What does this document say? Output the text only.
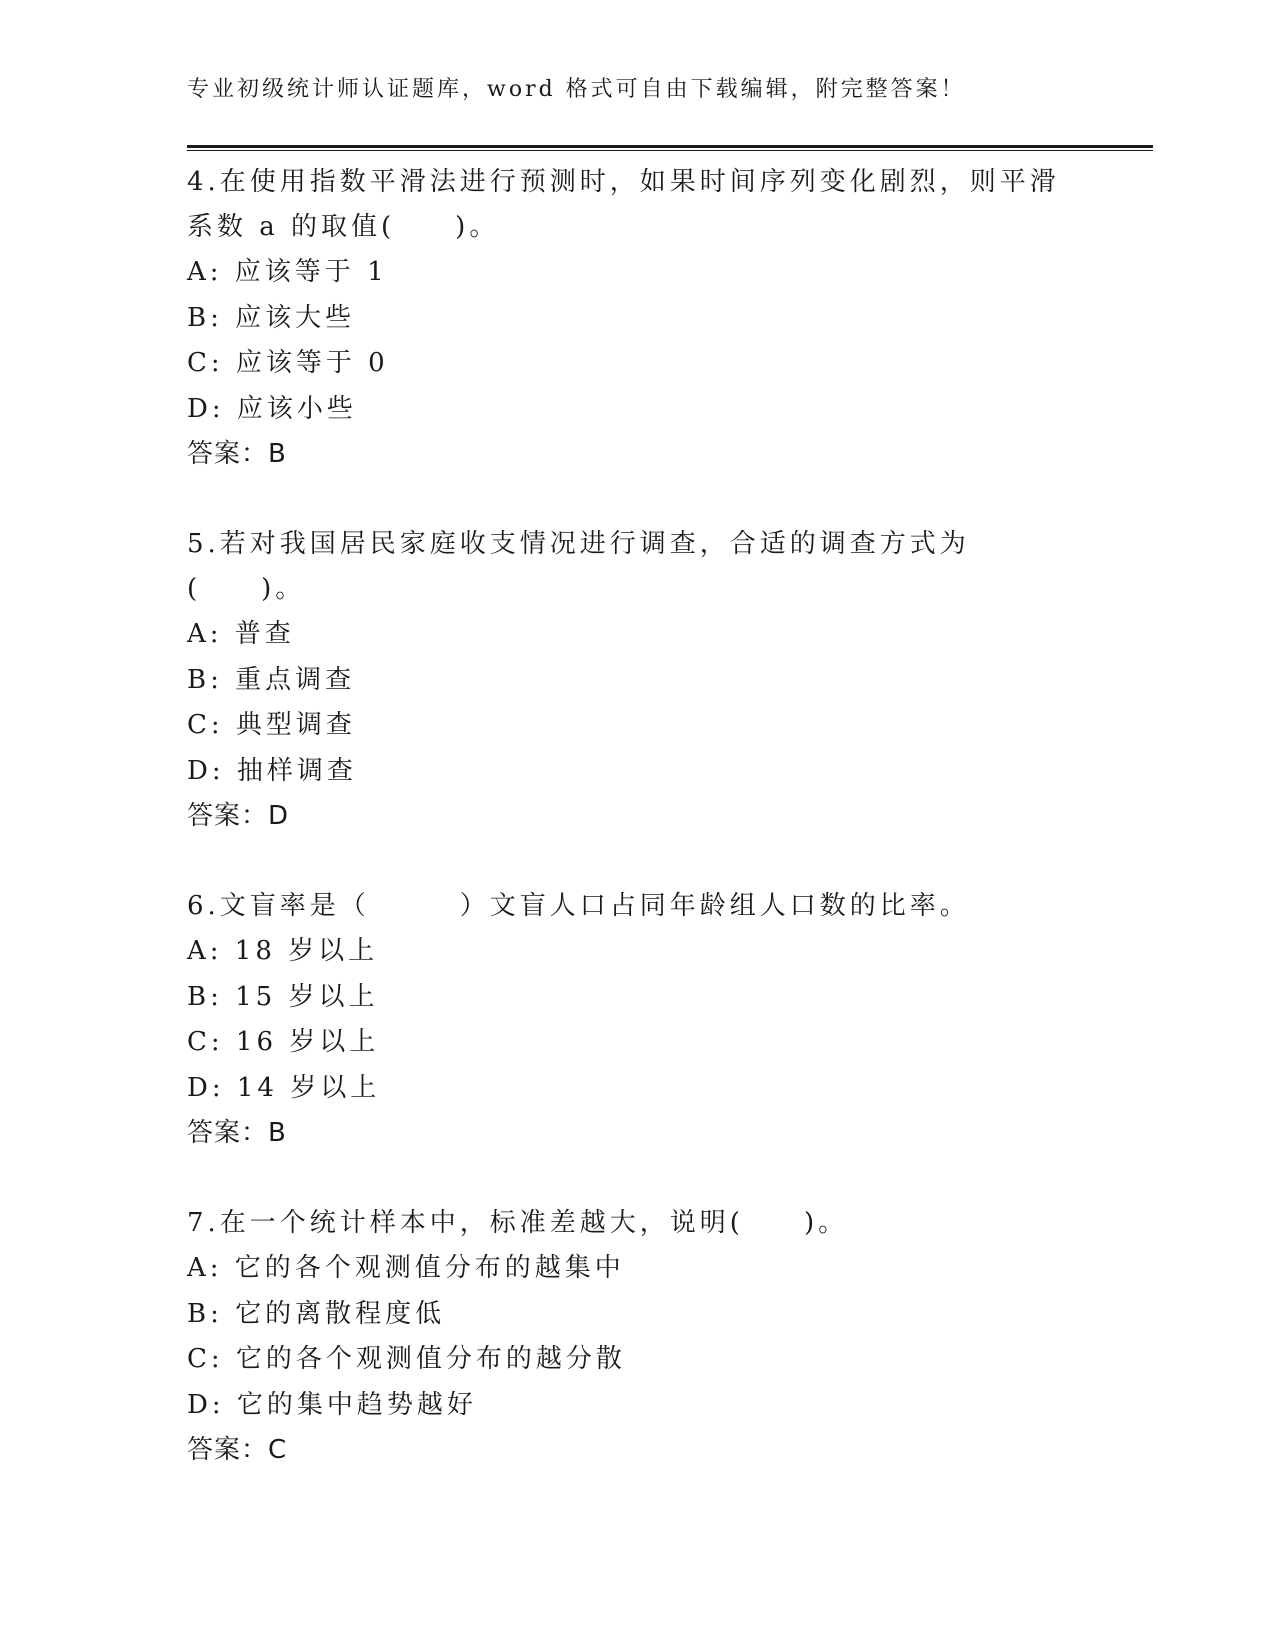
专业初级统计师认证题库，word 格式可自由下载编辑，附完整答案！
4.在使用指数平滑法进行预测时，如果时间序列变化剧烈，则平滑系数 a 的取值(　　)。
A: 应该等于 1
B: 应该大些
C: 应该等于 0
D: 应该小些
答案：B
5.若对我国居民家庭收支情况进行调查，合适的调查方式为(　　)。
A: 普查
B: 重点调查
C: 典型调查
D: 抽样调查
答案：D
6.文盲率是（　　　）文盲人口占同年龄组人口数的比率。
A: 18 岁以上
B: 15 岁以上
C: 16 岁以上
D: 14 岁以上
答案：B
7.在一个统计样本中，标准差越大，说明(　　)。
A: 它的各个观测值分布的越集中
B: 它的离散程度低
C: 它的各个观测值分布的越分散
D: 它的集中趋势越好
答案：C
